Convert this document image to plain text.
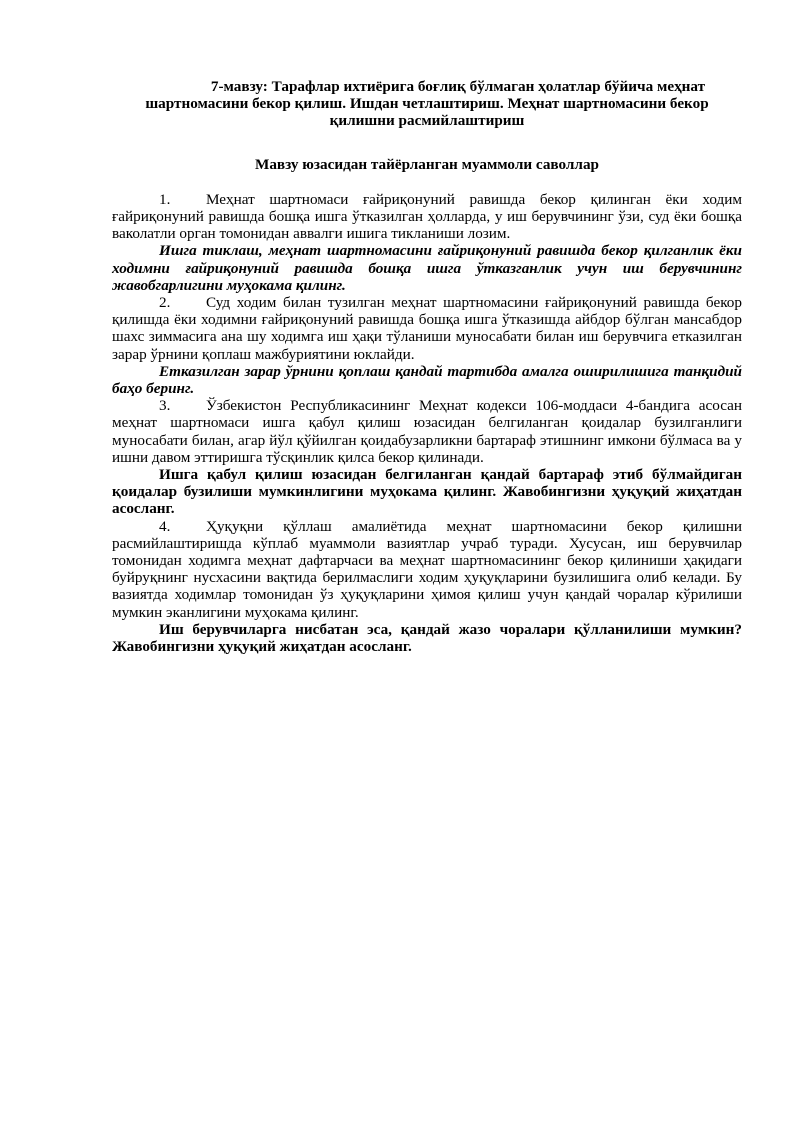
7-мавзу: Тарафлар ихтиёрига боғлиқ бўлмаган ҳолатлар бўйича меҳнат шартномасини бекор қилиш. Ишдан четлаштириш. Меҳнат шартномасини бекор қилишни расмийлаштириш

Мавзу юзасидан тайёрланган муаммоли саволлар

1. Меҳнат шартномаси ғайриқонуний равишда бекор қилинган ёки ходим ғайриқонуний равишда бошқа ишга ўтказилган ҳолларда, у иш берувчининг ўзи, суд ёки бошқа ваколатли орган томонидан аввалги ишига тикланиши лозим.

Ишга тиклаш, меҳнат шартномасини ғайриқонуний равишда бекор қилганлик ёки ходимни ғайриқонуний равишда бошқа ишга ўтказганлик учун иш берувчининг жавобгарлигини муҳокама қилинг.

2. Суд ходим билан тузилган меҳнат шартномасини ғайриқонуний равишда бекор қилишда ёки ходимни ғайриқонуний равишда бошқа ишга ўтказишда айбдор бўлган мансабдор шахс зиммасига ана шу ходимга иш ҳақи тўланиши муносабати билан иш берувчига етказилган зарар ўрнини қоплаш мажбуриятини юклайди.

Етказилган зарар ўрнини қоплаш қандай тартибда амалга оширилишига танқидий баҳо беринг.

3. Ўзбекистон Республикасининг Меҳнат кодекси 106-моддаси 4-бандига асосан меҳнат шартномаси ишга қабул қилиш юзасидан белгиланган қоидалар бузилганлиги муносабати билан, агар йўл қўйилган қоидабузарликни бартараф этишнинг имкони бўлмаса ва у ишни давом эттиришга тўсқинлик қилса бекор қилинади.

Ишга қабул қилиш юзасидан белгиланган қандай бартараф этиб бўлмайдиган қоидалар бузилиши мумкинлигини муҳокама қилинг. Жавобингизни ҳуқуқий жиҳатдан асосланг.

4. Ҳуқуқни қўллаш амалиётида меҳнат шартномасини бекор қилишни расмийлаштиришда кўплаб муаммоли вазиятлар учраб туради. Хусусан, иш берувчилар томонидан ходимга меҳнат дафтарчаси ва меҳнат шартномасининг бекор қилиниши ҳақидаги буйруқнинг нусхасини вақтида берилмаслиги ходим ҳуқуқларини бузилишига олиб келади. Бу вазиятда ходимлар томонидан ўз ҳуқуқларини ҳимоя қилиш учун қандай чоралар кўрилиши мумкин эканлигини муҳокама қилинг.

Иш берувчиларга нисбатан эса, қандай жазо чоралари қўлланилиши мумкин? Жавобингизни ҳуқуқий жиҳатдан асосланг.
